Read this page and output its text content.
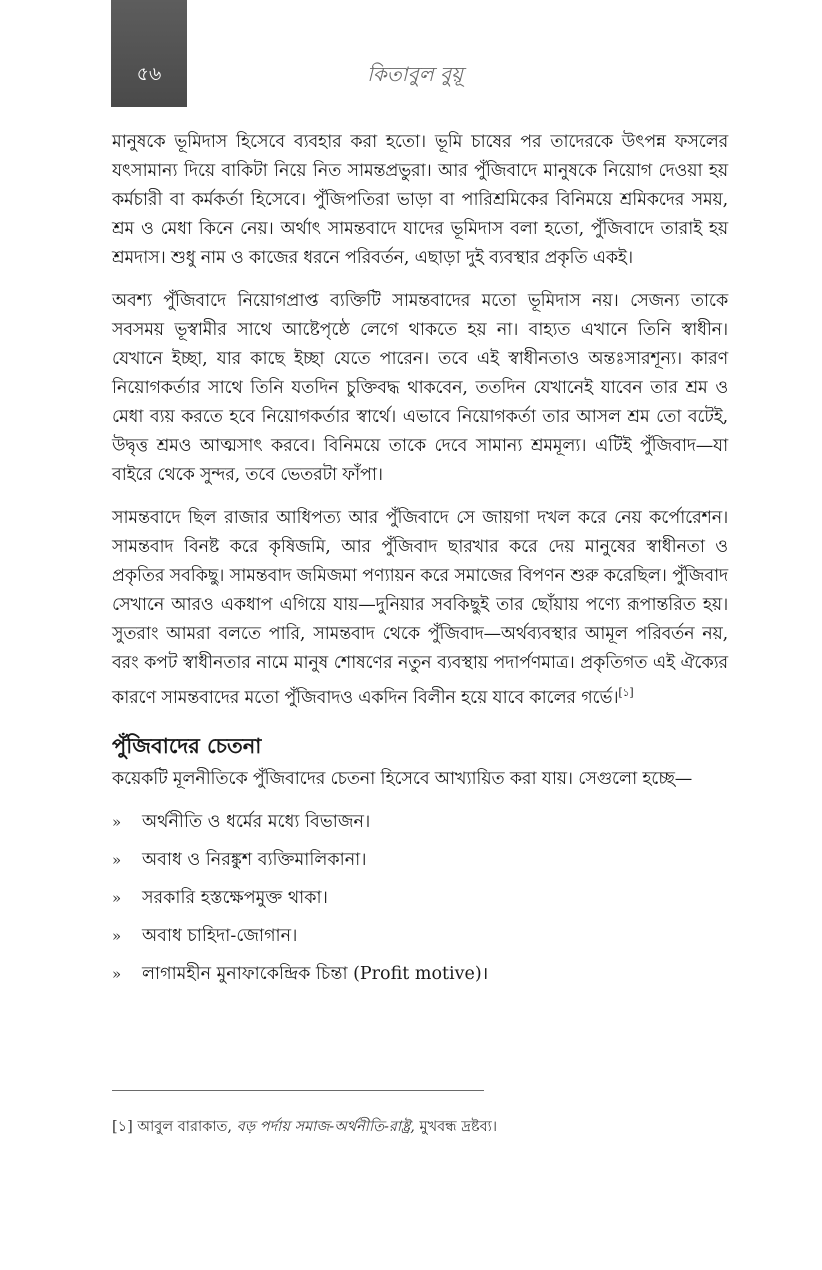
৫৬	কিতাবুল বুয়ূ

মানুষকে ভূমিদাস হিসেবে ব্যবহার করা হতো। ভূমি চাষের পর তাদেরকে উৎপন্ন ফসলের যৎসামান্য দিয়ে বাকিটা নিয়ে নিত সামন্তপ্রভুরা। আর পুঁজিবাদে মানুষকে নিয়োগ দেওয়া হয় কর্মচারী বা কর্মকর্তা হিসেবে। পুঁজিপতিরা ভাড়া বা পারিশ্রমিকের বিনিময়ে শ্রমিকদের সময়, শ্রম ও মেধা কিনে নেয়। অর্থাৎ সামন্তবাদে যাদের ভূমিদাস বলা হতো, পুঁজিবাদে তারাই হয় শ্রমদাস। শুধু নাম ও কাজের ধরনে পরিবর্তন, এছাড়া দুই ব্যবস্থার প্রকৃতি একই।

অবশ্য পুঁজিবাদে নিয়োগপ্রাপ্ত ব্যক্তিটি সামন্তবাদের মতো ভূমিদাস নয়। সেজন্য তাকে সবসময় ভূস্বামীর সাথে আষ্টেপৃষ্ঠে লেগে থাকতে হয় না। বাহ্যত এখানে তিনি স্বাধীন। যেখানে ইচ্ছা, যার কাছে ইচ্ছা যেতে পারেন। তবে এই স্বাধীনতাও অন্তঃসারশূন্য। কারণ নিয়োগকর্তার সাথে তিনি যতদিন চুক্তিবদ্ধ থাকবেন, ততদিন যেখানেই যাবেন তার শ্রম ও মেধা ব্যয় করতে হবে নিয়োগকর্তার স্বার্থে। এভাবে নিয়োগকর্তা তার আসল শ্রম তো বটেই, উদ্বৃত্ত শ্রমও আত্মসাৎ করবে। বিনিময়ে তাকে দেবে সামান্য শ্রমমূল্য। এটিই পুঁজিবাদ—যা বাইরে থেকে সুন্দর, তবে ভেতরটা ফাঁপা।

সামন্তবাদে ছিল রাজার আধিপত্য আর পুঁজিবাদে সে জায়গা দখল করে নেয় কর্পোরেশন। সামন্তবাদ বিনষ্ট করে কৃষিজমি, আর পুঁজিবাদ ছারখার করে দেয় মানুষের স্বাধীনতা ও প্রকৃতির সবকিছু। সামন্তবাদ জমিজমা পণ্যায়ন করে সমাজের বিপণন শুরু করেছিল। পুঁজিবাদ সেখানে আরও একধাপ এগিয়ে যায়—দুনিয়ার সবকিছুই তার ছোঁয়ায় পণ্যে রূপান্তরিত হয়। সুতরাং আমরা বলতে পারি, সামন্তবাদ থেকে পুঁজিবাদ—অর্থব্যবস্থার আমূল পরিবর্তন নয়, বরং কপট স্বাধীনতার নামে মানুষ শোষণের নতুন ব্যবস্থায় পদার্পণমাত্র। প্রকৃতিগত এই ঐক্যের কারণে সামন্তবাদের মতো পুঁজিবাদও একদিন বিলীন হয়ে যাবে কালের গর্ভে।[১]

পুঁজিবাদের চেতনা

কয়েকটি মূলনীতিকে পুঁজিবাদের চেতনা হিসেবে আখ্যায়িত করা যায়। সেগুলো হচ্ছে—

»	অর্থনীতি ও ধর্মের মধ্যে বিভাজন।
»	অবাধ ও নিরঙ্কুশ ব্যক্তিমালিকানা।
»	সরকারি হস্তক্ষেপমুক্ত থাকা।
»	অবাধ চাহিদা-জোগান।
»	লাগামহীন মুনাফাকেন্দ্রিক চিন্তা (Profit motive)।
[১] আবুল বারাকাত, বড় পর্দায় সমাজ-অর্থনীতি-রাষ্ট্র, মুখবন্ধ দ্রষ্টব্য।
